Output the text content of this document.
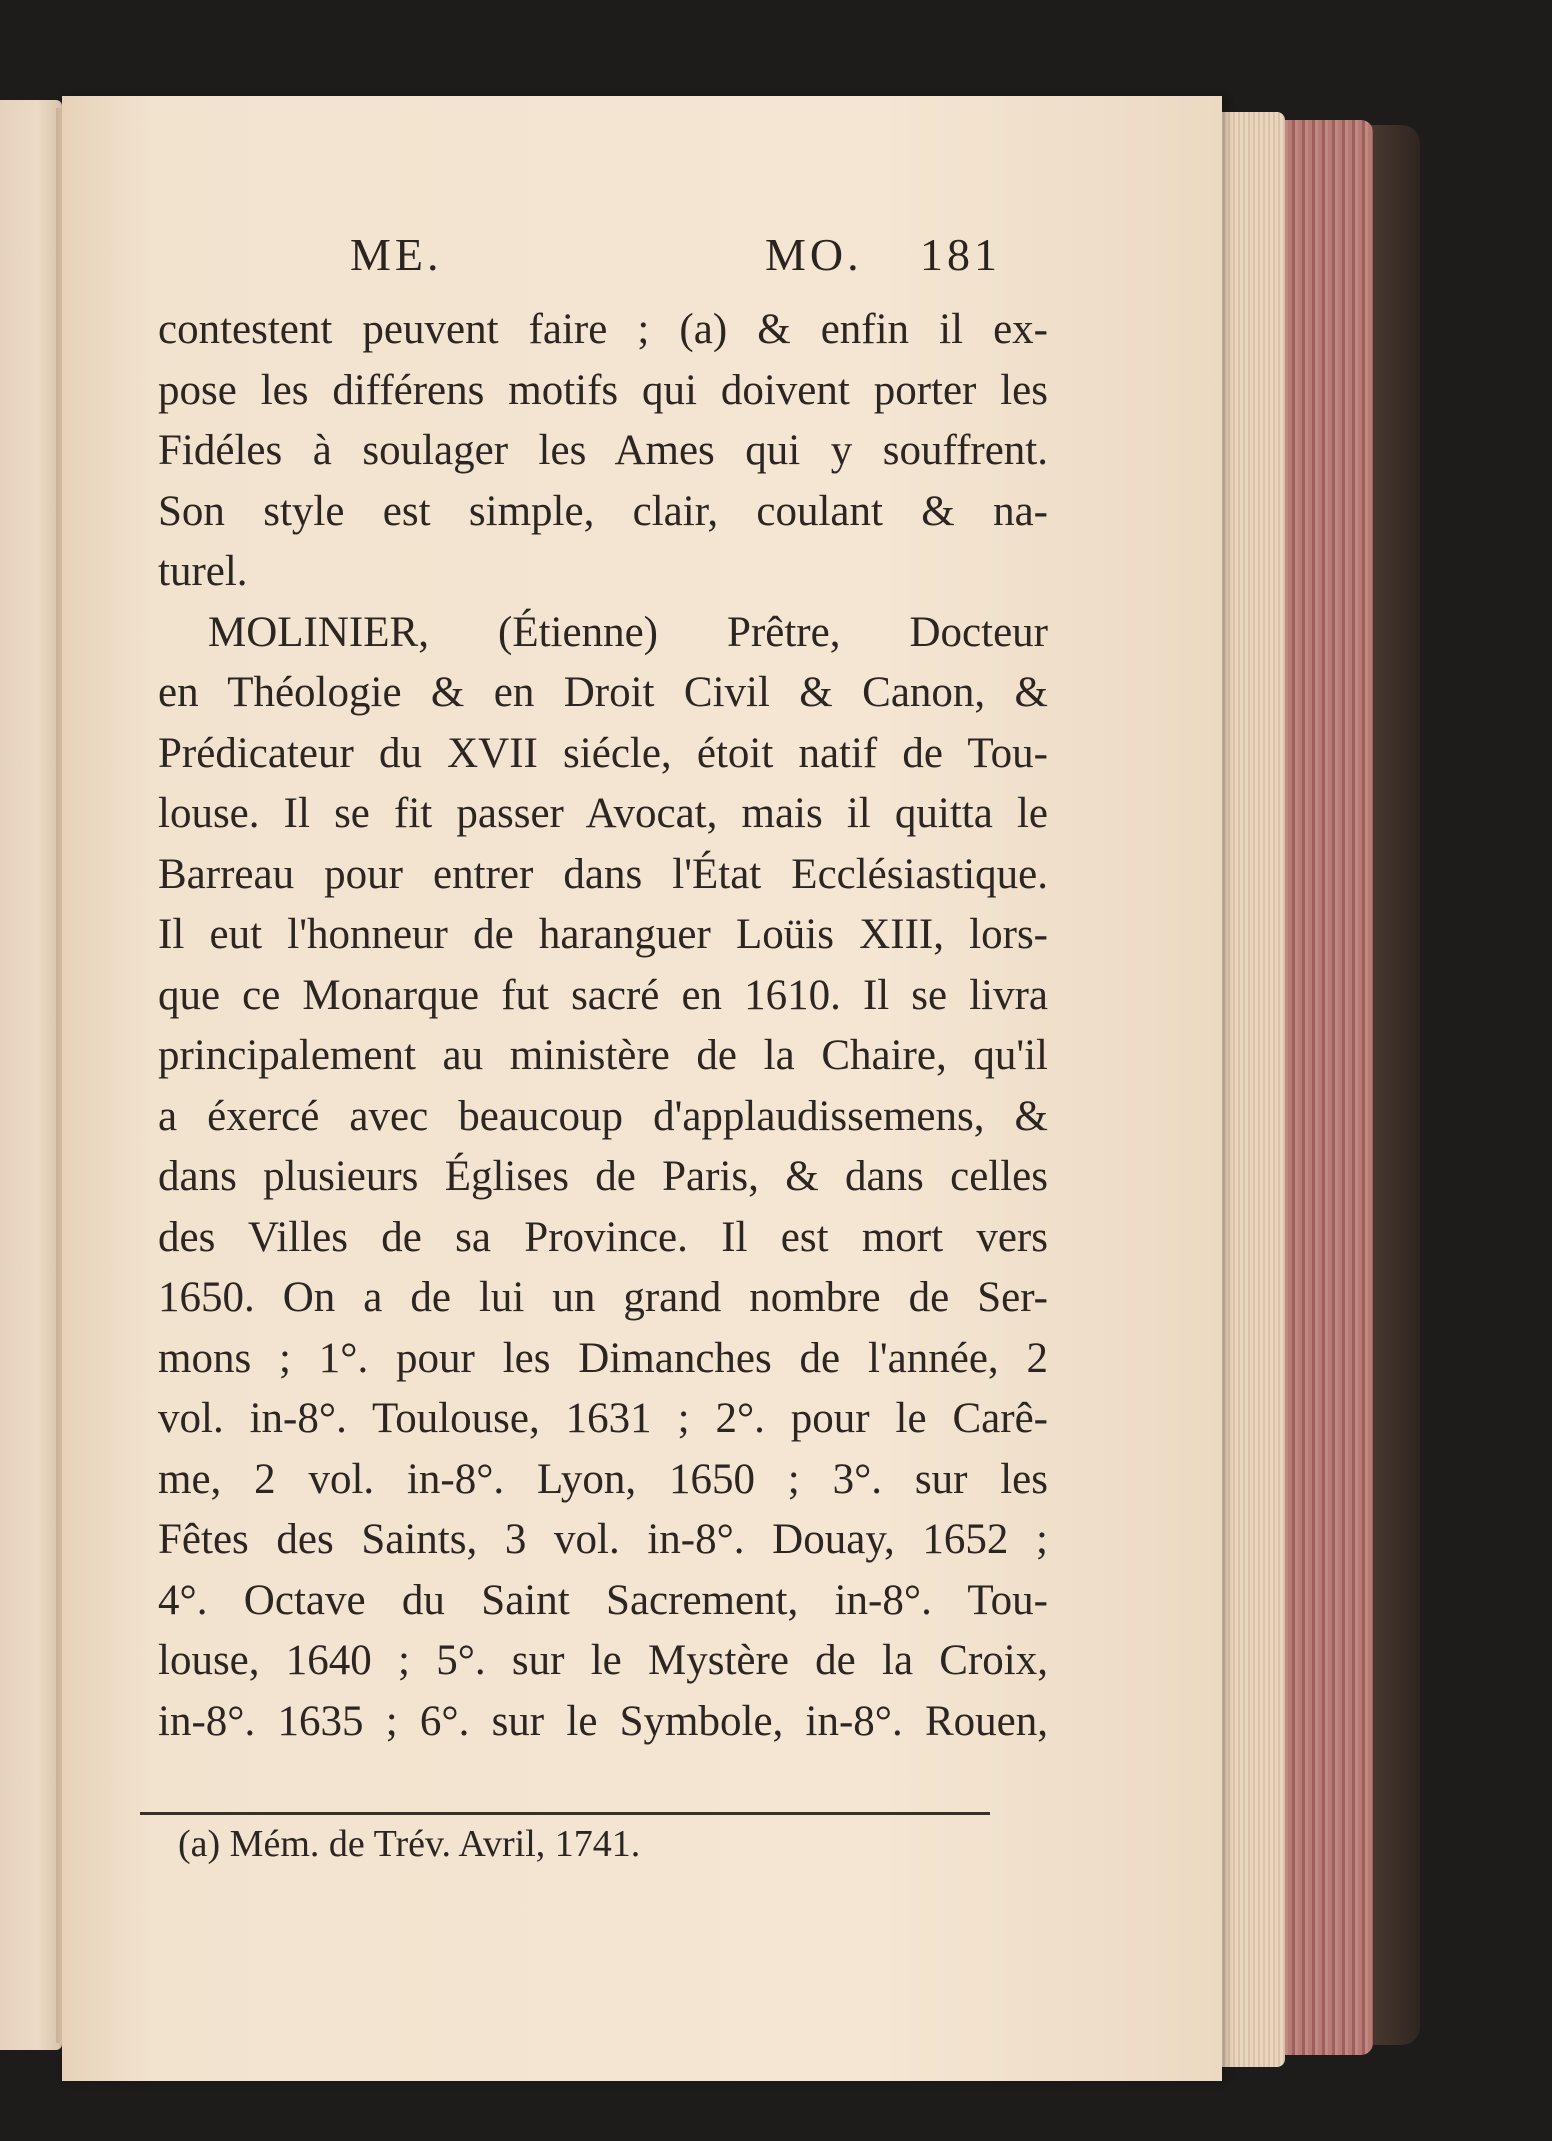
ME.	MO. 181
contestent peuvent faire ; (a) & enfin il ex-
pose les différens motifs qui doivent porter les
Fidéles à soulager les Ames qui y souffrent.
Son style est simple, clair, coulant & na-
turel.
MOLINIER, (Étienne) Prêtre, Docteur
en Théologie & en Droit Civil & Canon, &
Prédicateur du XVII siécle, étoit natif de Tou-
louse. Il se fit passer Avocat, mais il quitta le
Barreau pour entrer dans l'État Ecclésiastique.
Il eut l'honneur de haranguer Loüis XIII, lors-
que ce Monarque fut sacré en 1610. Il se livra
principalement au ministère de la Chaire, qu'il
a éxercé avec beaucoup d'applaudissemens, &
dans plusieurs Églises de Paris, & dans celles
des Villes de sa Province. Il est mort vers
1650. On a de lui un grand nombre de Ser-
mons ; 1°. pour les Dimanches de l'année, 2
vol. in-8°. Toulouse, 1631 ; 2°. pour le Carê-
me, 2 vol. in-8°. Lyon, 1650 ; 3°. sur les
Fêtes des Saints, 3 vol. in-8°. Douay, 1652 ;
4°. Octave du Saint Sacrement, in-8°. Tou-
louse, 1640 ; 5°. sur le Mystère de la Croix,
in-8°. 1635 ; 6°. sur le Symbole, in-8°. Rouen,
(a) Mém. de Trév. Avril, 1741.
